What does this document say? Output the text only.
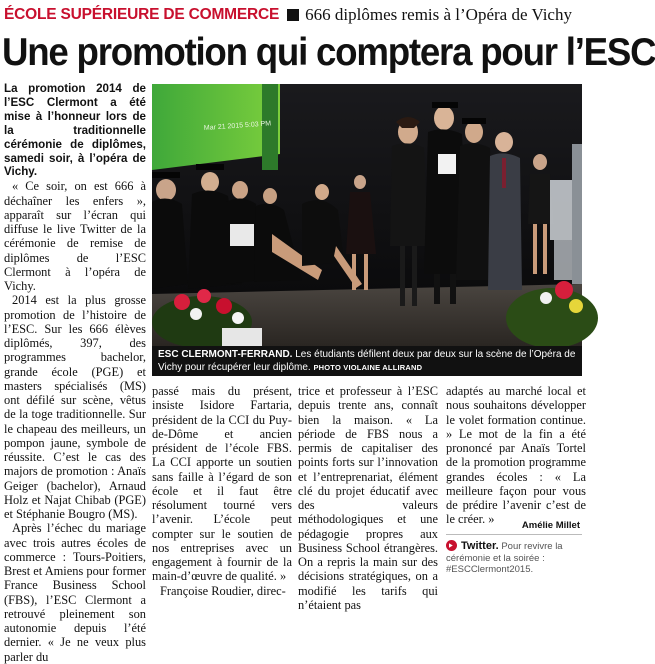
ÉCOLE SUPÉRIEURE DE COMMERCE 666 diplômes remis à l’Opéra de Vichy
Une promotion qui comptera pour l’ESC

La promotion 2014 de l’ESC Clermont a été mise à l’honneur lors de la traditionnelle cérémonie de diplômes, samedi soir, à l’opéra de Vichy.

« Ce soir, on est 666 à déchaîner les enfers », apparaît sur l’écran qui diffuse le live Twitter de la cérémonie de remise de diplômes de l’ESC Clermont à l’opéra de Vichy.

2014 est la plus grosse promotion de l’histoire de l’ESC. Sur les 666 élèves diplômés, 397, des programmes bachelor, grande école (PGE) et masters spécialisés (MS) ont défilé sur scène, vêtus de la toge traditionnelle. Sur le chapeau des meilleurs, un pompon jaune, symbole de réussite. C’est le cas des majors de promotion : Anaïs Geiger (bachelor), Arnaud Holz et Najat Chibab (PGE) et Stéphanie Bougro (MS).

Après l’échec du mariage avec trois autres écoles de commerce : Tours-Poitiers, Brest et Amiens pour former France Business School (FBS), l’ESC Clermont a retrouvé pleinement son autonomie depuis l’été dernier. « Je ne veux plus parler du

Mar 21 2015 5:03 PM
ESC CLERMONT-FERRAND. Les étudiants défilent deux par deux sur la scène de l’Opéra de Vichy pour récupérer leur diplôme. PHOTO VIOLAINE ALLIRAND

passé mais du présent, insiste Isidore Fartaria, président de la CCI du Puy-de-Dôme et ancien président de l’école FBS. La CCI apporte un soutien sans faille à l’égard de son école et il faut être résolument tourné vers l’avenir. L’école peut compter sur le soutien de nos entreprises avec un engagement à fournir de la main-d’œuvre de qualité. »

Françoise Roudier, direc-

trice et professeur à l’ESC depuis trente ans, connaît bien la maison. « La période de FBS nous a permis de capitaliser des points forts sur l’innovation et l’entreprenariat, élément clé du projet éducatif avec des valeurs méthodologiques et une pédagogie propres aux Business School étrangères. On a repris la main sur des décisions stratégiques, on a modifié les tarifs qui n’étaient pas

adaptés au marché local et nous souhaitons développer le volet formation continue. » Le mot de la fin a été prononcé par Anaïs Tortel de la promotion programme grandes écoles : « La meilleure façon pour vous de prédire l’avenir c’est de le créer. »	Amélie Millet
Twitter. Pour revivre la cérémonie et la soirée : #ESCClermont2015.
